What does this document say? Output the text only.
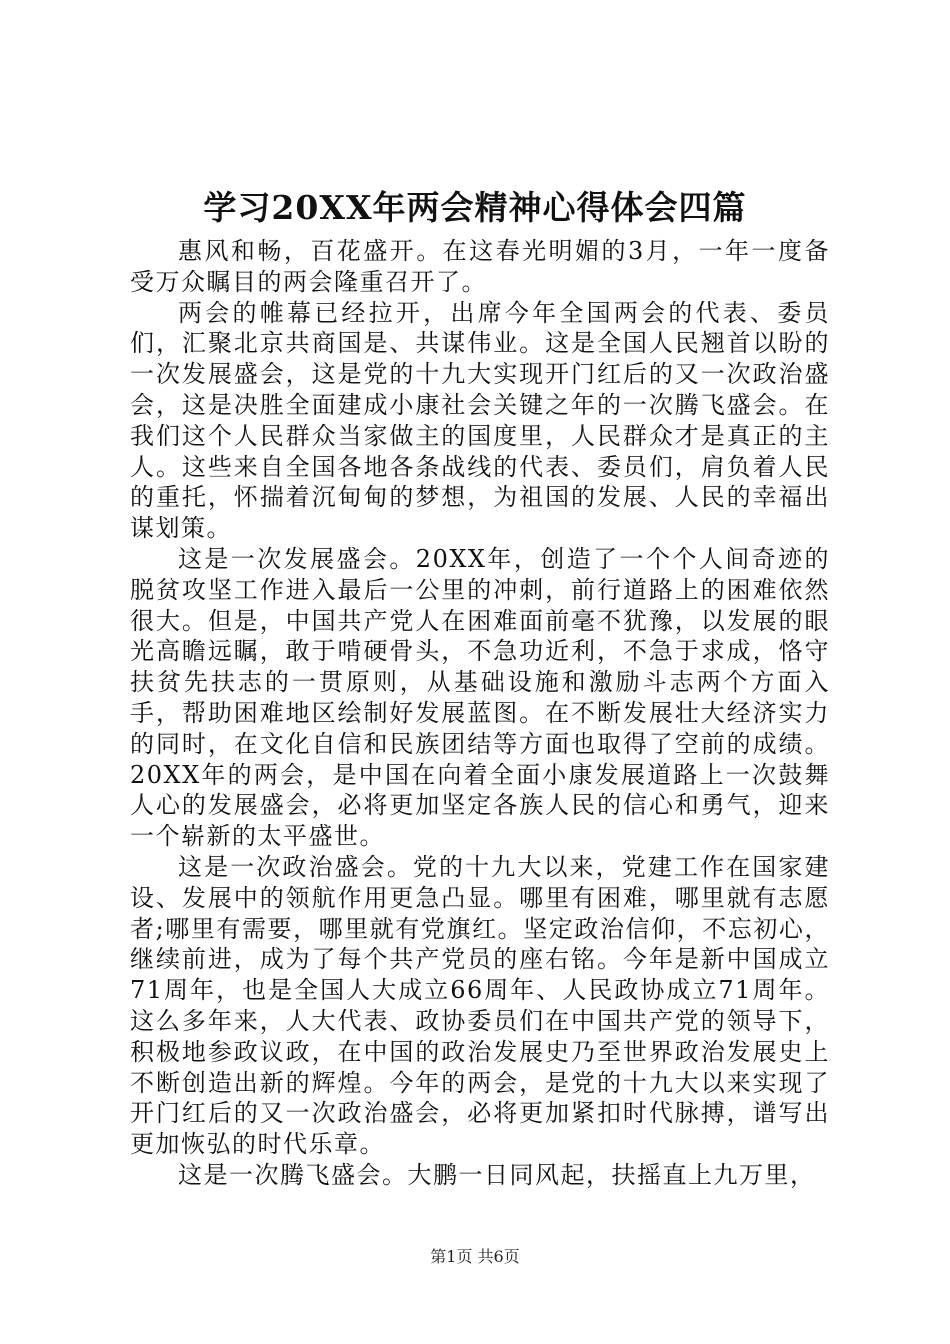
学习20XX年两会精神心得体会四篇

惠风和畅，百花盛开。在这春光明媚的3月，一年一度备受万众瞩目的两会隆重召开了。

两会的帷幕已经拉开，出席今年全国两会的代表、委员们，汇聚北京共商国是、共谋伟业。这是全国人民翘首以盼的一次发展盛会，这是党的十九大实现开门红后的又一次政治盛会，这是决胜全面建成小康社会关键之年的一次腾飞盛会。在我们这个人民群众当家做主的国度里，人民群众才是真正的主人。这些来自全国各地各条战线的代表、委员们，肩负着人民的重托，怀揣着沉甸甸的梦想，为祖国的发展、人民的幸福出谋划策。

这是一次发展盛会。20XX年，创造了一个个人间奇迹的脱贫攻坚工作进入最后一公里的冲刺，前行道路上的困难依然很大。但是，中国共产党人在困难面前毫不犹豫，以发展的眼光高瞻远瞩，敢于啃硬骨头，不急功近利，不急于求成，恪守扶贫先扶志的一贯原则，从基础设施和激励斗志两个方面入手，帮助困难地区绘制好发展蓝图。在不断发展壮大经济实力的同时，在文化自信和民族团结等方面也取得了空前的成绩。20XX年的两会，是中国在向着全面小康发展道路上一次鼓舞人心的发展盛会，必将更加坚定各族人民的信心和勇气，迎来一个崭新的太平盛世。

这是一次政治盛会。党的十九大以来，党建工作在国家建设、发展中的领航作用更急凸显。哪里有困难，哪里就有志愿者;哪里有需要，哪里就有党旗红。坚定政治信仰，不忘初心，继续前进，成为了每个共产党员的座右铭。今年是新中国成立71周年，也是全国人大成立66周年、人民政协成立71周年。这么多年来，人大代表、政协委员们在中国共产党的领导下，积极地参政议政，在中国的政治发展史乃至世界政治发展史上不断创造出新的辉煌。今年的两会，是党的十九大以来实现了开门红后的又一次政治盛会，必将更加紧扣时代脉搏，谱写出更加恢弘的时代乐章。

这是一次腾飞盛会。大鹏一日同风起，扶摇直上九万里，

第1页 共6页
